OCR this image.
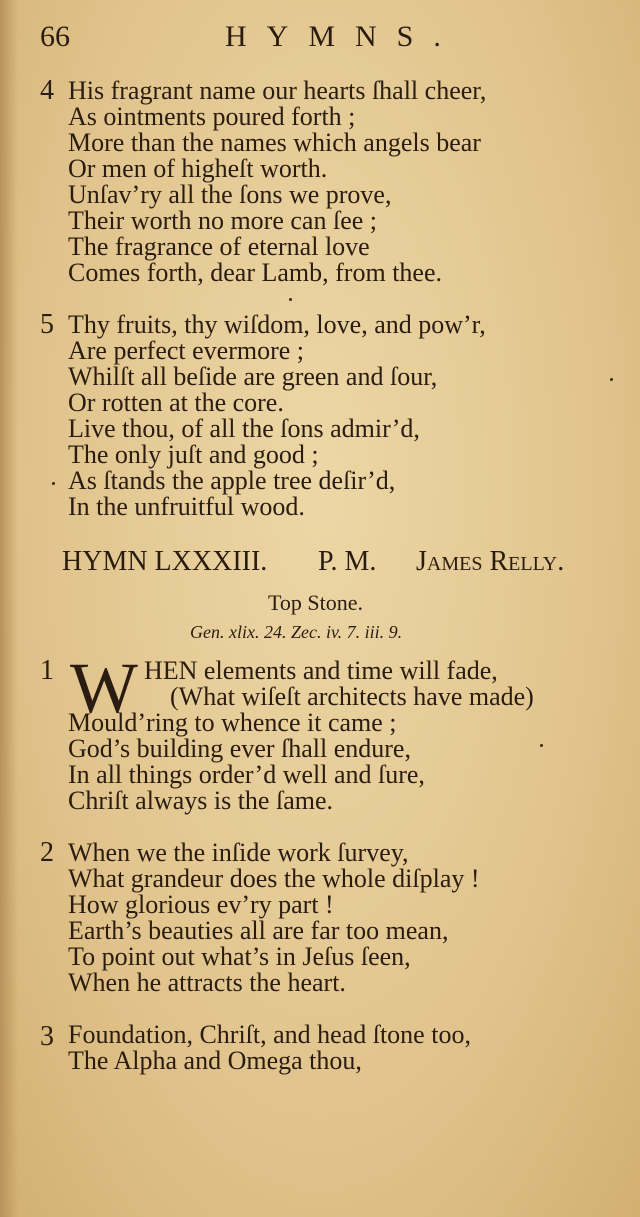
66	HYMNS.
4 His fragrant name our hearts ſhall cheer,
As ointments poured forth ;
More than the names which angels bear
Or men of higheſt worth.
Unſav’ry all the ſons we prove,
Their worth no more can ſee ;
The fragrance of eternal love
Comes forth, dear Lamb, from thee.
5 Thy fruits, thy wiſdom, love, and pow’r,
Are perfect evermore ;
Whilſt all beſide are green and ſour,
Or rotten at the core.
Live thou, of all the ſons admir’d,
The only juſt and good ;
As ſtands the apple tree deſir’d,
In the unfruitful wood.
HYMN LXXXIII. P. M. James Relly.
Top Stone.
Gen. xlix. 24. Zec. iv. 7. iii. 9.
1 W HEN elements and time will fade,
(What wiſeſt architects have made)
Mould’ring to whence it came ;
God’s building ever ſhall endure,
In all things order’d well and ſure,
Chriſt always is the ſame.
2 When we the inſide work ſurvey,
What grandeur does the whole diſplay !
How glorious ev’ry part !
Earth’s beauties all are far too mean,
To point out what’s in Jeſus ſeen,
When he attracts the heart.
3 Foundation, Chriſt, and head ſtone too,
The Alpha and Omega thou,
